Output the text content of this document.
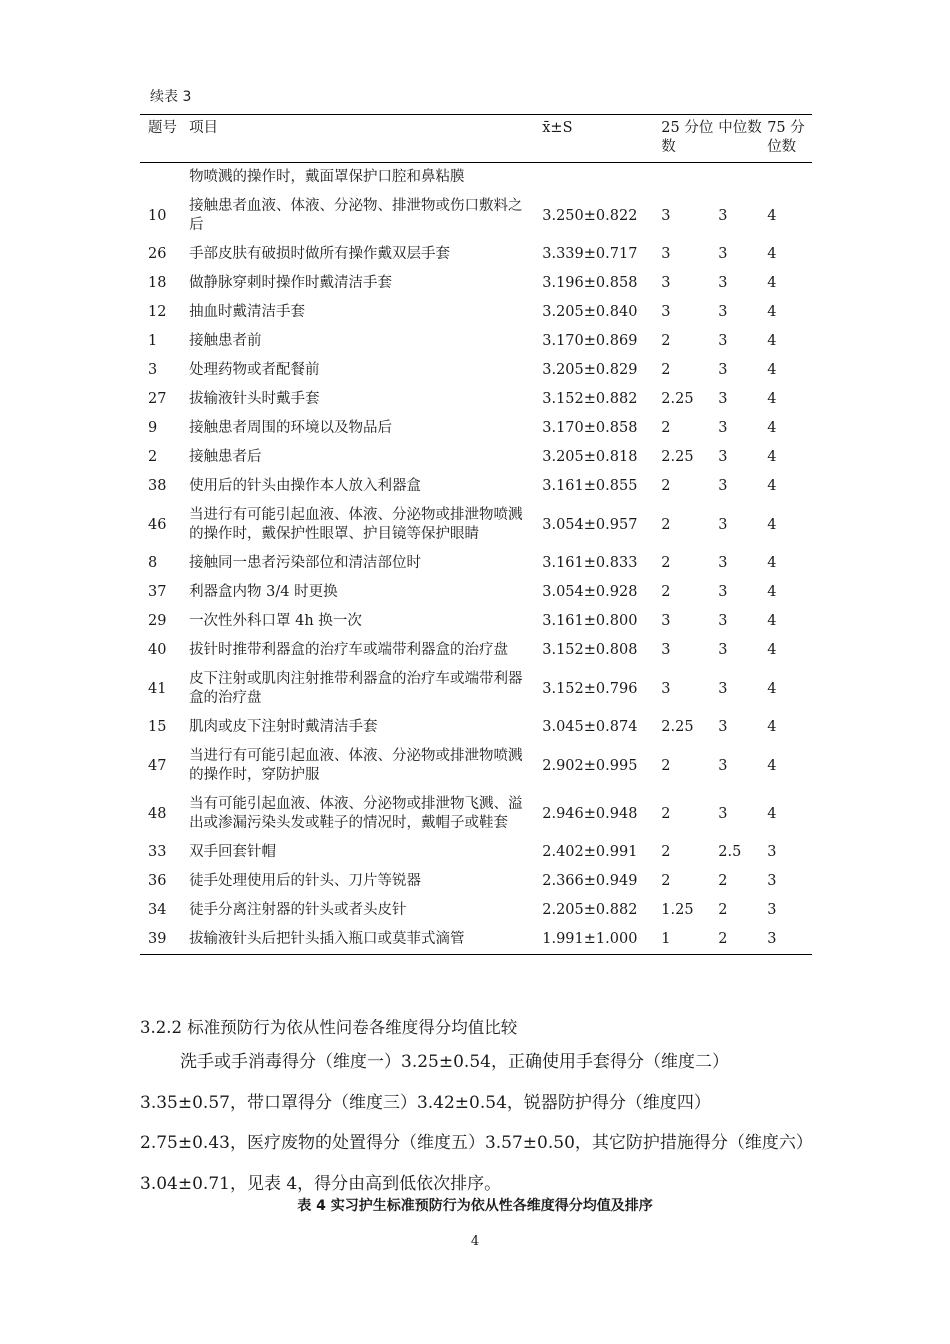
续表 3
题号	项目	x̄±S	25 分位数	中位数	75 分位数
	物喷溅的操作时，戴面罩保护口腔和鼻粘膜				
10	接触患者血液、体液、分泌物、排泄物或伤口敷料之后	3.250±0.822	3	3	4
26	手部皮肤有破损时做所有操作戴双层手套	3.339±0.717	3	3	4
18	做静脉穿刺时操作时戴清洁手套	3.196±0.858	3	3	4
12	抽血时戴清洁手套	3.205±0.840	3	3	4
1	接触患者前	3.170±0.869	2	3	4
3	处理药物或者配餐前	3.205±0.829	2	3	4
27	拔输液针头时戴手套	3.152±0.882	2.25	3	4
9	接触患者周围的环境以及物品后	3.170±0.858	2	3	4
2	接触患者后	3.205±0.818	2.25	3	4
38	使用后的针头由操作本人放入利器盒	3.161±0.855	2	3	4
46	当进行有可能引起血液、体液、分泌物或排泄物喷溅的操作时，戴保护性眼罩、护目镜等保护眼睛	3.054±0.957	2	3	4
8	接触同一患者污染部位和清洁部位时	3.161±0.833	2	3	4
37	利器盒内物 3/4 时更换	3.054±0.928	2	3	4
29	一次性外科口罩 4h 换一次	3.161±0.800	3	3	4
40	拔针时推带利器盒的治疗车或端带利器盒的治疗盘	3.152±0.808	3	3	4
41	皮下注射或肌肉注射推带利器盒的治疗车或端带利器盒的治疗盘	3.152±0.796	3	3	4
15	肌肉或皮下注射时戴清洁手套	3.045±0.874	2.25	3	4
47	当进行有可能引起血液、体液、分泌物或排泄物喷溅的操作时，穿防护服	2.902±0.995	2	3	4
48	当有可能引起血液、体液、分泌物或排泄物飞溅、溢出或渗漏污染头发或鞋子的情况时，戴帽子或鞋套	2.946±0.948	2	3	4
33	双手回套针帽	2.402±0.991	2	2.5	3
36	徒手处理使用后的针头、刀片等锐器	2.366±0.949	2	2	3
34	徒手分离注射器的针头或者头皮针	2.205±0.882	1.25	2	3
39	拔输液针头后把针头插入瓶口或莫菲式滴管	1.991±1.000	1	2	3
3.2.2 标准预防行为依从性问卷各维度得分均值比较

洗手或手消毒得分（维度一）3.25±0.54，正确使用手套得分（维度二）3.35±0.57，带口罩得分（维度三）3.42±0.54，锐器防护得分（维度四）2.75±0.43，医疗废物的处置得分（维度五）3.57±0.50，其它防护措施得分（维度六）3.04±0.71，见表 4，得分由高到低依次排序。

表 4 实习护生标准预防行为依从性各维度得分均值及排序
4
